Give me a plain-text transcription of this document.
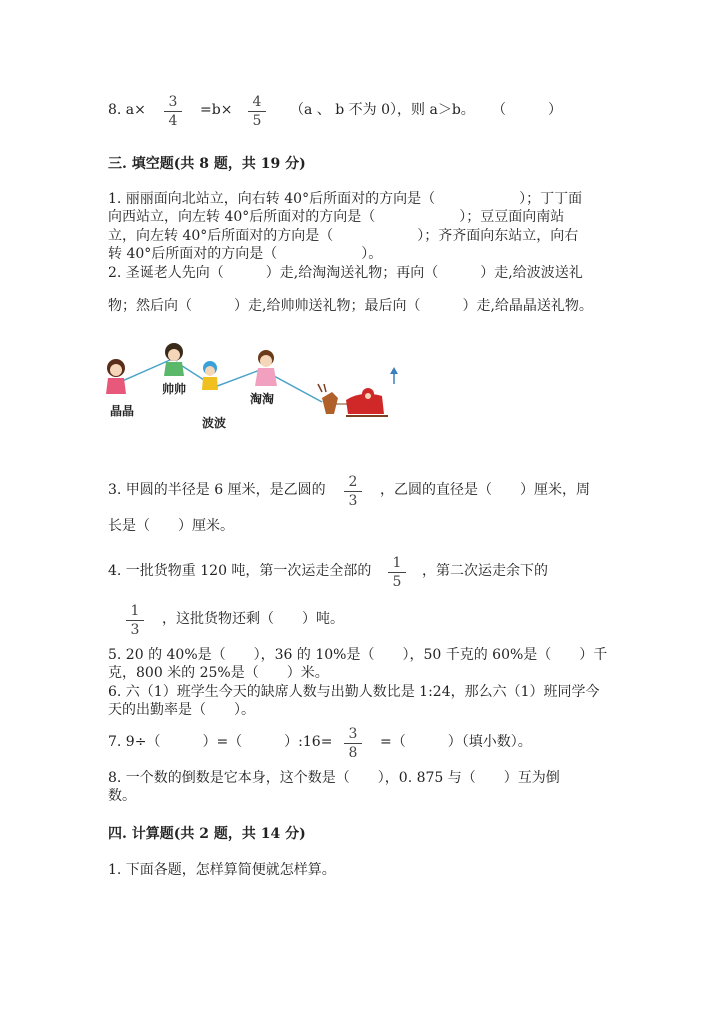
8. a×	3
4
=b×	4
5
（a 、 b 不为 0），则 a＞b。 （　　　）
三. 填空题(共 8 题，共 19 分)
1. 丽丽面向北站立，向右转 40°后所面对的方向是（　　　　　　）；丁丁面
向西站立，向左转 40°后所面对的方向是（　　　　　　）；豆豆面向南站
立，向左转 40°后所面对的方向是（　　　　　　）；齐齐面向东站立，向右
转 40°后所面对的方向是（　　　　　　）。
2. 圣诞老人先向（　　　）走,给淘淘送礼物；再向（　　　）走,给波波送礼
物；然后向（　　　）走,给帅帅送礼物；最后向（　　　）走,给晶晶送礼物。
晶晶
帅帅
波波
淘淘
3. 甲圆的半径是 6 厘米，是乙圆的	2
3
，乙圆的直径是（　　）厘米，周
长是（　　）厘米。
4. 一批货物重 120 吨，第一次运走全部的	1
5
，第二次运走余下的
1
3
，这批货物还剩（　　）吨。
5. 20 的 40%是（　　），36 的 10%是（　　），50 千克的 60%是（　　）千
克，800 米的 25%是（　　）米。
6. 六（1）班学生今天的缺席人数与出勤人数比是 1:24，那么六（1）班同学今
天的出勤率是（　　）。
7. 9÷（　　　）=（　　　）:16=	3
8
=（　　　）（填小数）。
8. 一个数的倒数是它本身，这个数是（　　），0. 875 与（　　）互为倒
数。
四. 计算题(共 2 题，共 14 分)
1. 下面各题，怎样算简便就怎样算。
